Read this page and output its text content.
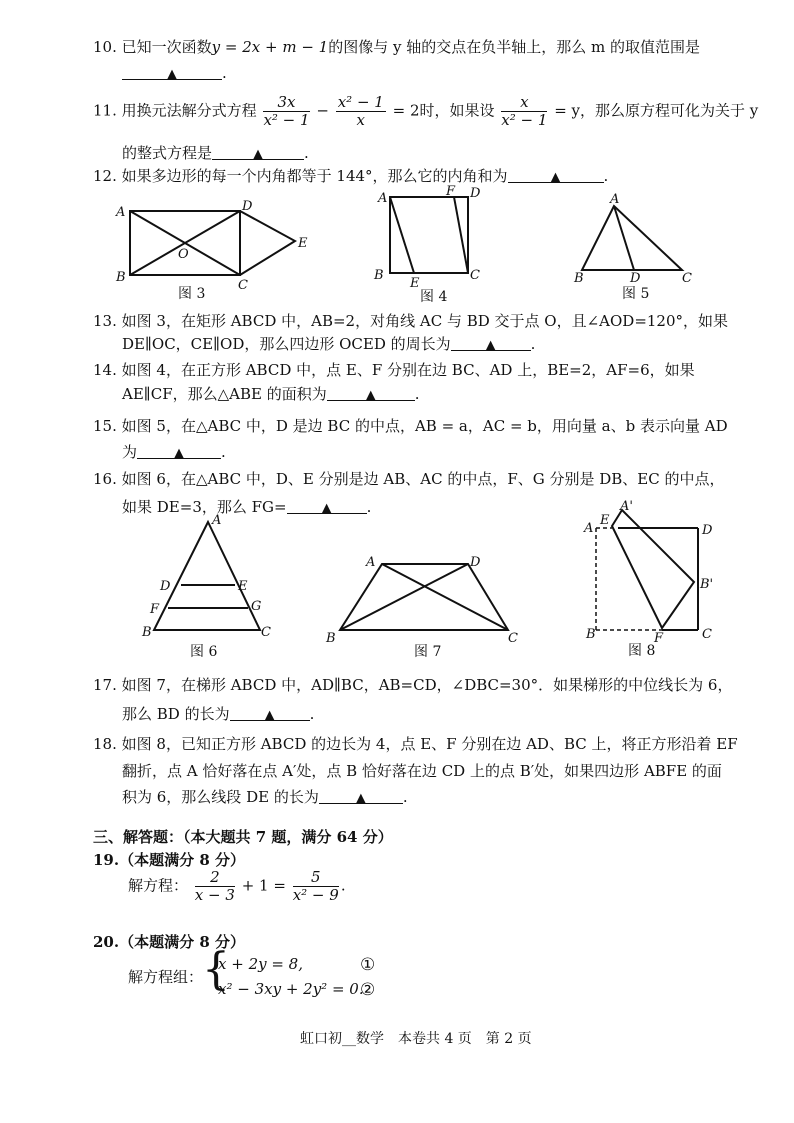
10. 已知一次函数y = 2x + m − 1的图像与 y 轴的交点在负半轴上，那么 m 的取值范围是
▲	.
11. 用换元法解分式方程 $\frac{3x}{\text{x² − 1}} - \frac{\text{x² − 1}}{x} = 2$时，如果设 $\frac{x}{\text{x² − 1}} = y$，那么原方程可化为关于 y
的整式方程是	▲	.
12. 如果多边形的每一个内角都等于 144°，那么它的内角和为	▲	.
A	D
B
C
O
E
图 3
A	F D
B
E
C
图 4
A
B	D	C
图 5
13. 如图 3，在矩形 ABCD 中，AB=2，对角线 AC 与 BD 交于点 O，且∠AOD=120°，如果
DE∥OC，CE∥OD，那么四边形 OCED 的周长为	▲ .
14. 如图 4，在正方形 ABCD 中，点 E、F 分别在边 BC、AD 上，BE=2，AF=6，如果
AE∥CF，那么△ABE 的面积为	▲	.
15. 如图 5，在△ABC 中，D 是边 BC 的中点，AB = a，AC = b，用向量 a、b 表示向量 AD
为	▲ .
16. 如图 6，在△ABC 中，D、E 分别是边 AB、AC 的中点，F、G 分别是 DB、EC 的中点，
如果 DE=3，那么 FG=	▲ .
A
D	E
F	G
B	C
图 6
A	D
B	C
图 7
A'
E
A	D
B'
B	F	C
图 8
17. 如图 7，在梯形 ABCD 中，AD∥BC，AB=CD，∠DBC=30°．如果梯形的中位线长为 6，
那么 BD 的长为	▲ .
18. 如图 8，已知正方形 ABCD 的边长为 4，点 E、F 分别在边 AD、BC 上，将正方形沿着 EF
翻折，点 A 恰好落在点 A′处，点 B 恰好落在边 CD 上的点 B′处，如果四边形 ABFE 的面
积为 6，那么线段 DE 的长为	▲ .
三、解答题：（本大题共 7 题，满分 64 分）
19.（本题满分 8 分）
解方程： $\frac{2}{x - 3} + 1 = \frac{5}{\text{x² − 9}}$ .
20.（本题满分 8 分）
解方程组：
{
x + 2y = 8,
x² − 3xy + 2y² = 0.
①
②
虹口初__数学　本卷共 4 页　第 2 页
